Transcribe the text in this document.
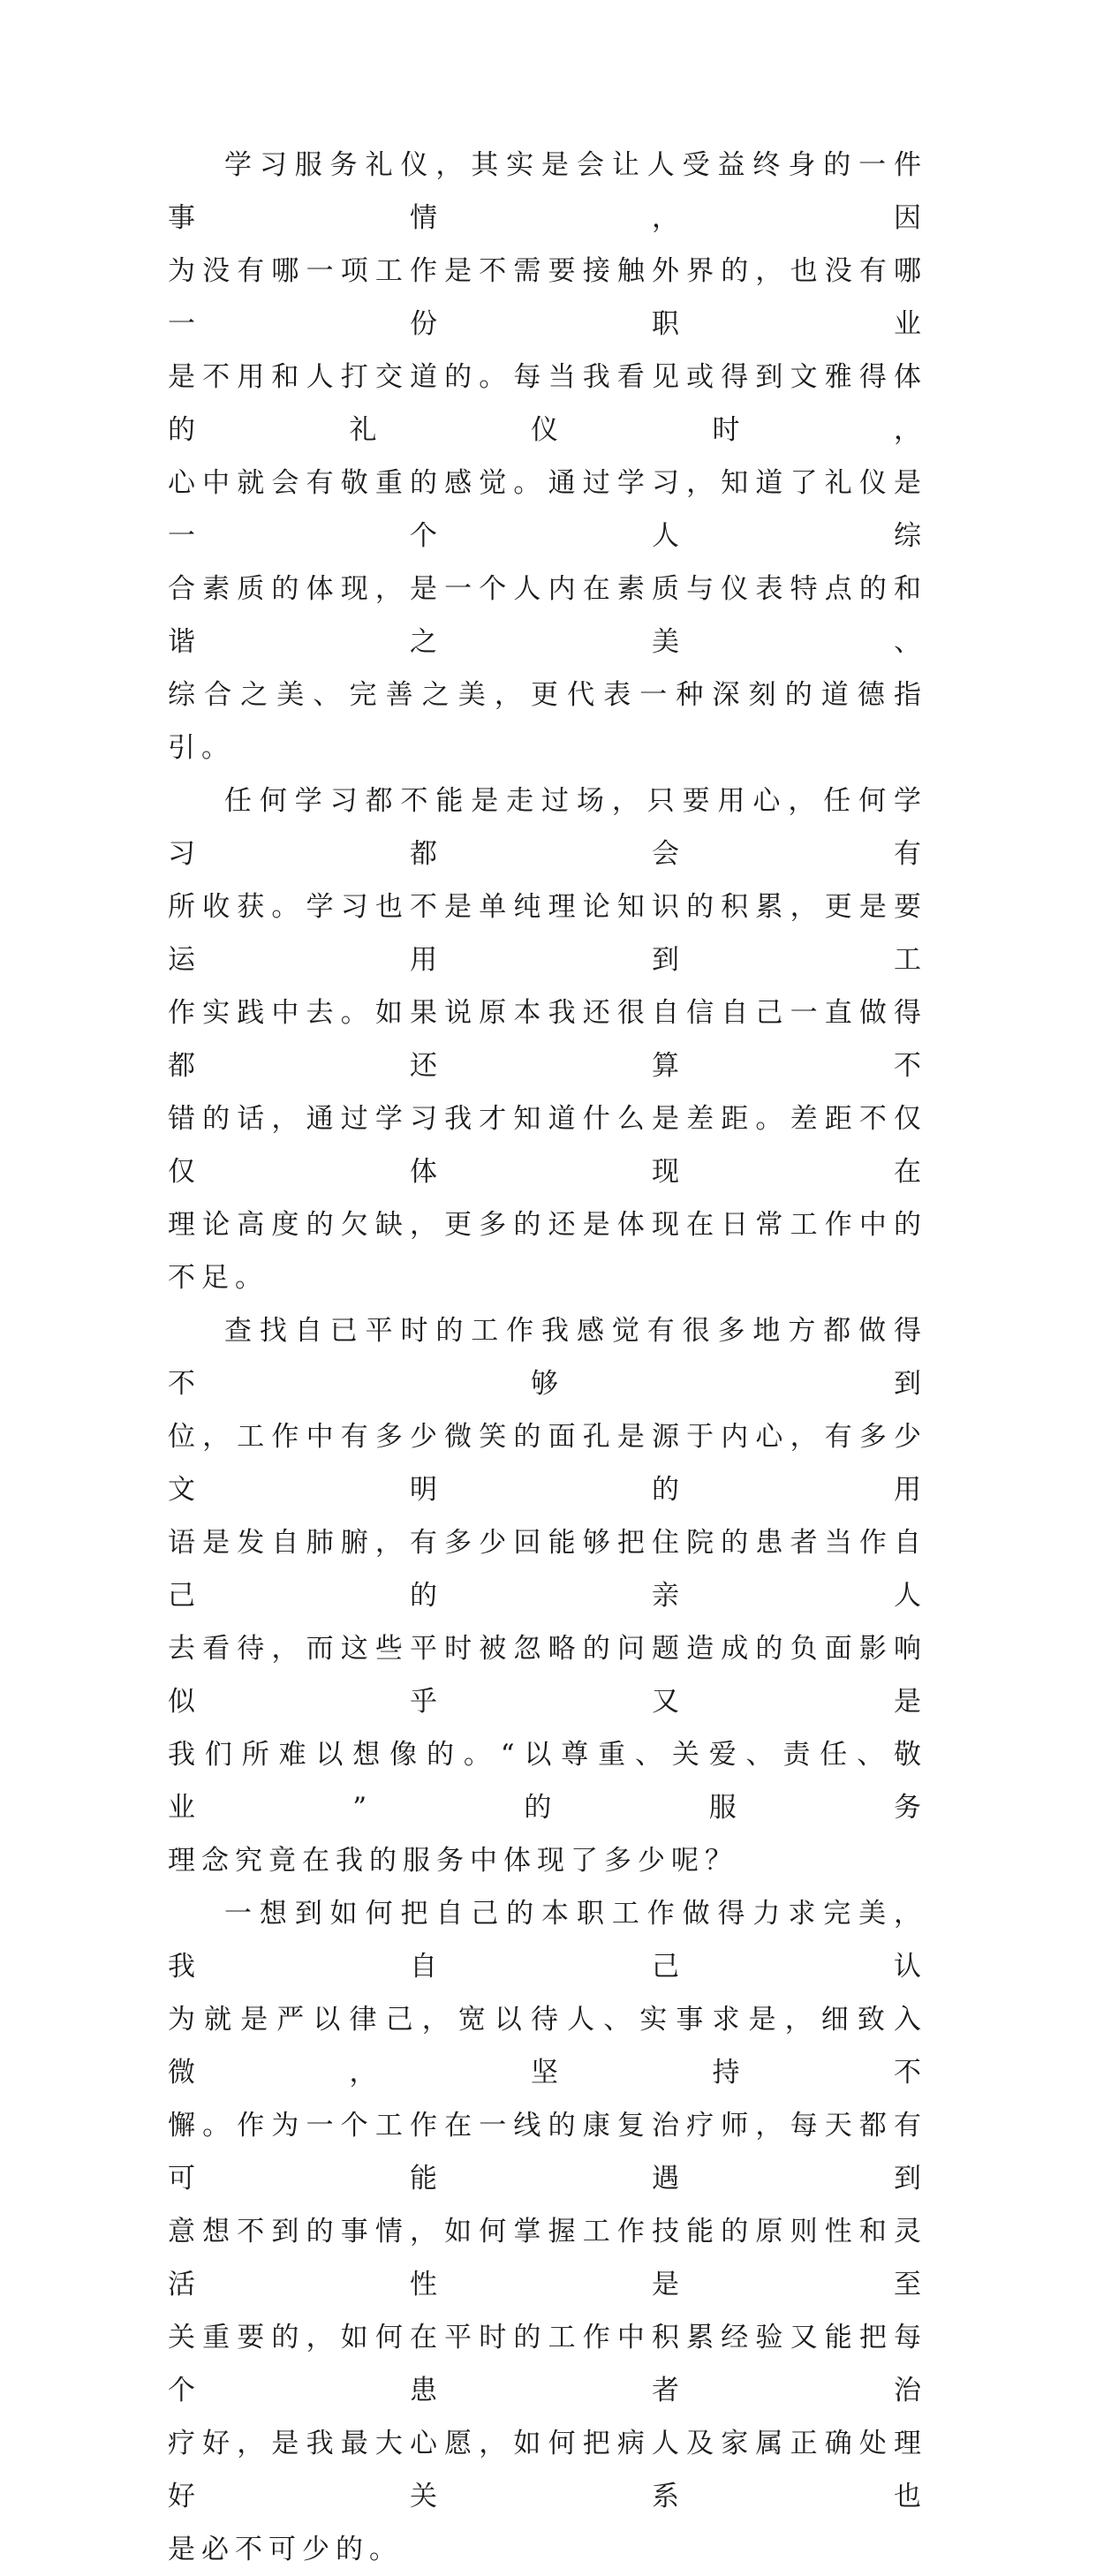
学习服务礼仪，其实是会让人受益终身的一件事情，因
为没有哪一项工作是不需要接触外界的，也没有哪一份职业
是不用和人打交道的。每当我看见或得到文雅得体的礼仪时，
心中就会有敬重的感觉。通过学习，知道了礼仪是一个人综
合素质的体现，是一个人内在素质与仪表特点的和谐之美、
综合之美、完善之美，更代表一种深刻的道德指引。

任何学习都不能是走过场，只要用心，任何学习都会有
所收获。学习也不是单纯理论知识的积累，更是要运用到工
作实践中去。如果说原本我还很自信自己一直做得都还算不
错的话，通过学习我才知道什么是差距。差距不仅仅体现在
理论高度的欠缺，更多的还是体现在日常工作中的不足。

查找自已平时的工作我感觉有很多地方都做得不够到
位，工作中有多少微笑的面孔是源于内心，有多少文明的用
语是发自肺腑，有多少回能够把住院的患者当作自己的亲人
去看待，而这些平时被忽略的问题造成的负面影响似乎又是
我们所难以想像的。“以尊重、关爱、责任、敬业”的服务
理念究竟在我的服务中体现了多少呢？

一想到如何把自己的本职工作做得力求完美，我自己认
为就是严以律己，宽以待人、实事求是，细致入微，坚持不
懈。作为一个工作在一线的康复治疗师，每天都有可能遇到
意想不到的事情，如何掌握工作技能的原则性和灵活性是至
关重要的，如何在平时的工作中积累经验又能把每个患者治
疗好，是我最大心愿，如何把病人及家属正确处理好关系也
是必不可少的。
